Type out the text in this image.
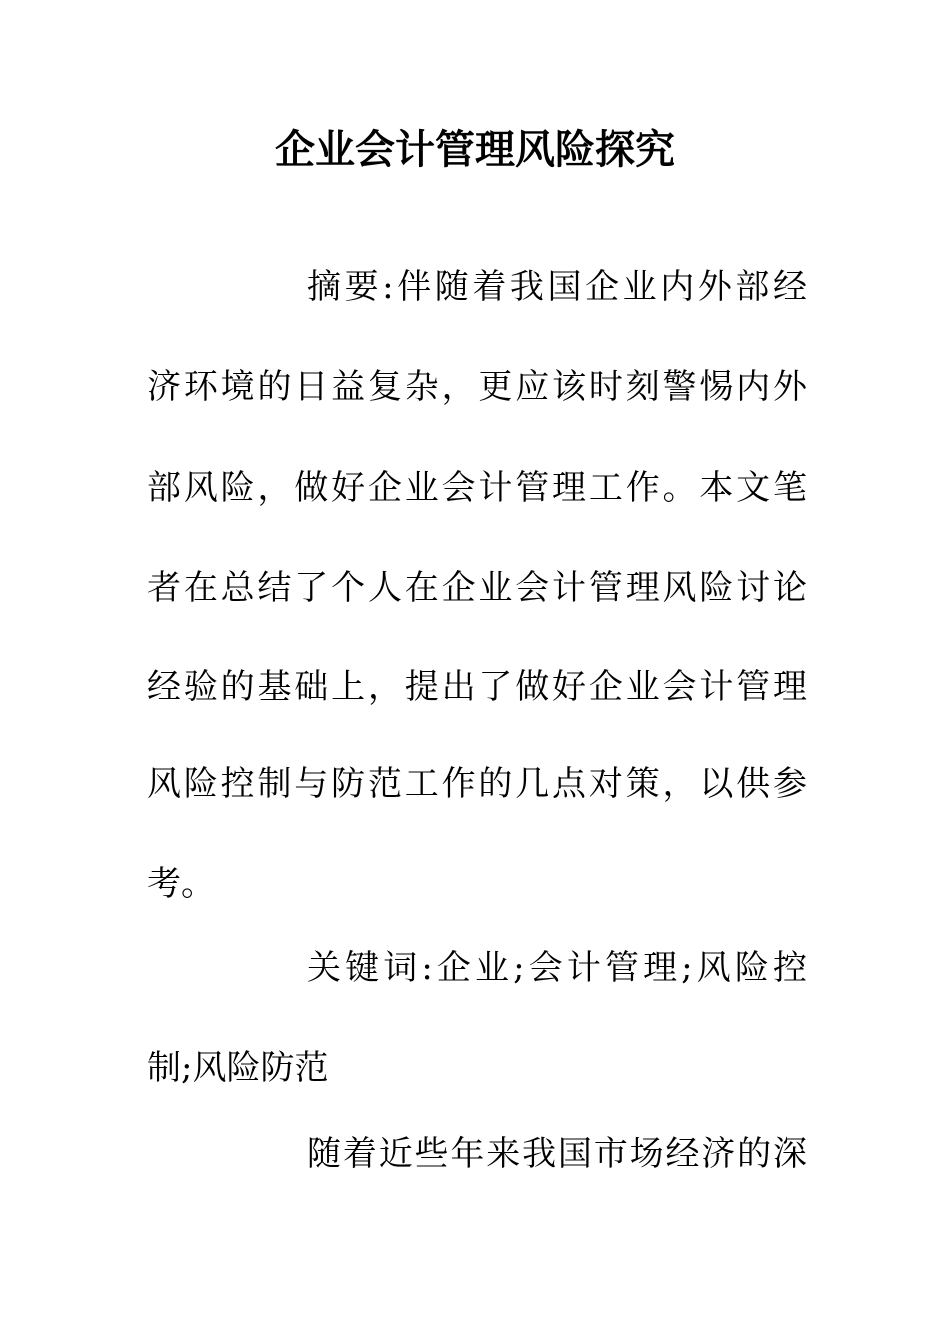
企业会计管理风险探究

摘要:伴随着我国企业内外部经

济环境的日益复杂，更应该时刻警惕内外

部风险，做好企业会计管理工作。本文笔

者在总结了个人在企业会计管理风险讨论

经验的基础上，提出了做好企业会计管理

风险控制与防范工作的几点对策，以供参

考。

关键词:企业;会计管理;风险控

制;风险防范

随着近些年来我国市场经济的深
